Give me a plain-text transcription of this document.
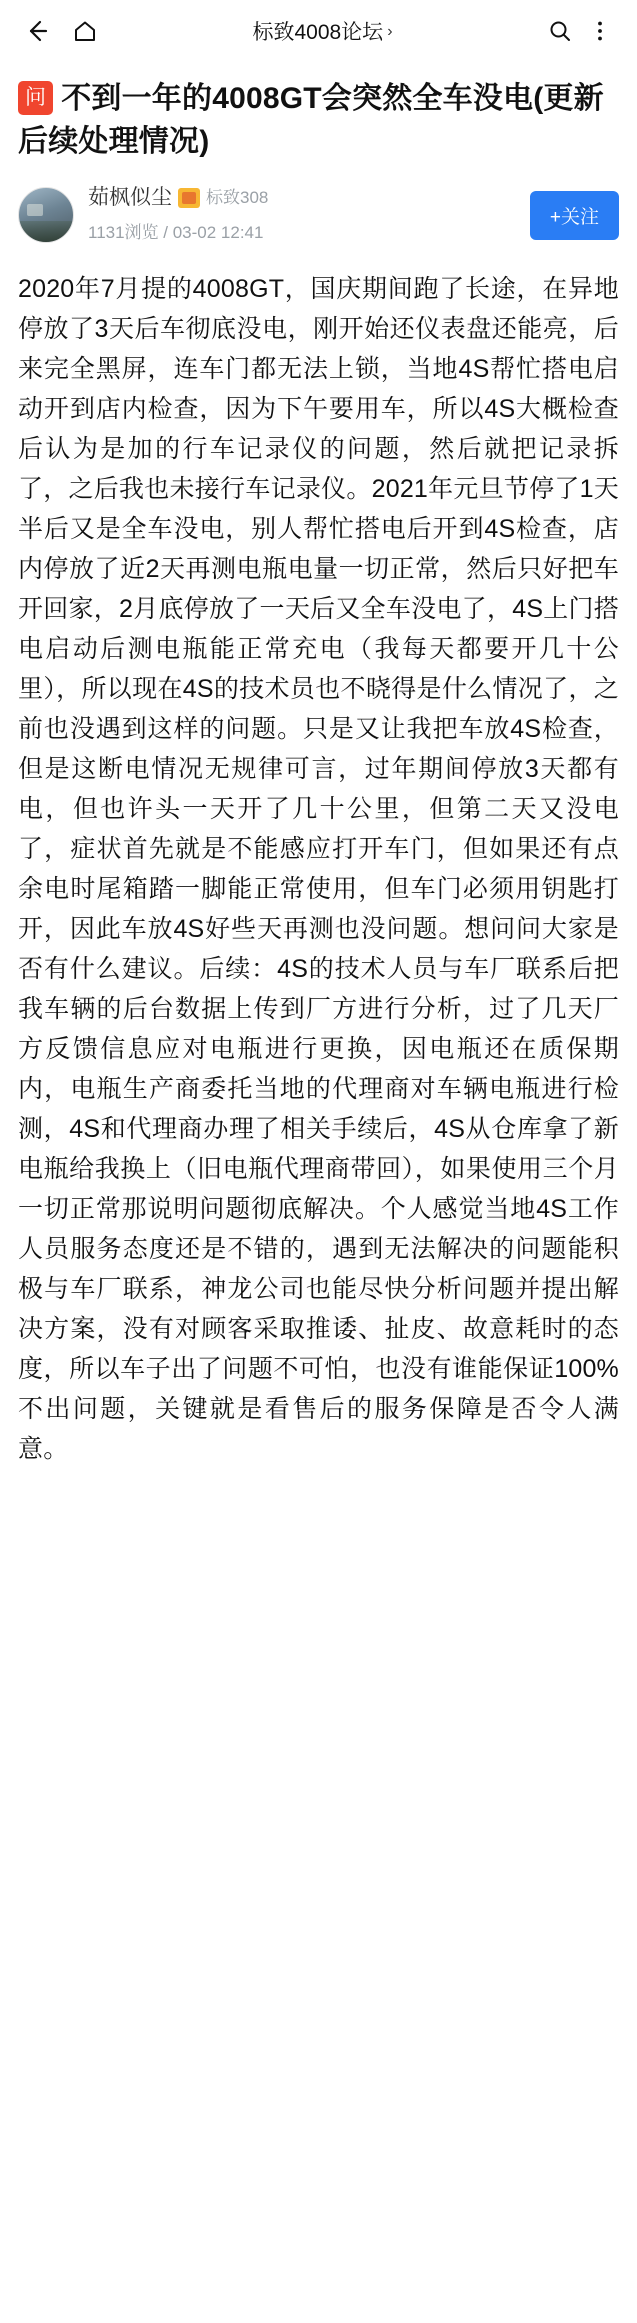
标致4008论坛 ›
问 不到一年的4008GT会突然全车没电(更新后续处理情况)
茹枫似尘 标致308
1131浏览 / 03-02 12:41
+关注
2020年7月提的4008GT，国庆期间跑了长途，在异地停放了3天后车彻底没电，刚开始还仪表盘还能亮，后来完全黑屏，连车门都无法上锁，当地4S帮忙搭电启动开到店内检查，因为下午要用车，所以4S大概检查后认为是加的行车记录仪的问题，然后就把记录拆了，之后我也未接行车记录仪。2021年元旦节停了1天半后又是全车没电，别人帮忙搭电后开到4S检查，店内停放了近2天再测电瓶电量一切正常，然后只好把车开回家，2月底停放了一天后又全车没电了，4S上门搭电启动后测电瓶能正常充电（我每天都要开几十公里），所以现在4S的技术员也不晓得是什么情况了，之前也没遇到这样的问题。只是又让我把车放4S检查，但是这断电情况无规律可言，过年期间停放3天都有电，但也许头一天开了几十公里，但第二天又没电了，症状首先就是不能感应打开车门，但如果还有点余电时尾箱踏一脚能正常使用，但车门必须用钥匙打开，因此车放4S好些天再测也没问题。想问问大家是否有什么建议。后续：4S的技术人员与车厂联系后把我车辆的后台数据上传到厂方进行分析，过了几天厂方反馈信息应对电瓶进行更换，因电瓶还在质保期内，电瓶生产商委托当地的代理商对车辆电瓶进行检测，4S和代理商办理了相关手续后，4S从仓库拿了新电瓶给我换上（旧电瓶代理商带回），如果使用三个月一切正常那说明问题彻底解决。个人感觉当地4S工作人员服务态度还是不错的，遇到无法解决的问题能积极与车厂联系，神龙公司也能尽快分析问题并提出解决方案，没有对顾客采取推诿、扯皮、故意耗时的态度，所以车子出了问题不可怕，也没有谁能保证100%不出问题，关键就是看售后的服务保障是否令人满意。
